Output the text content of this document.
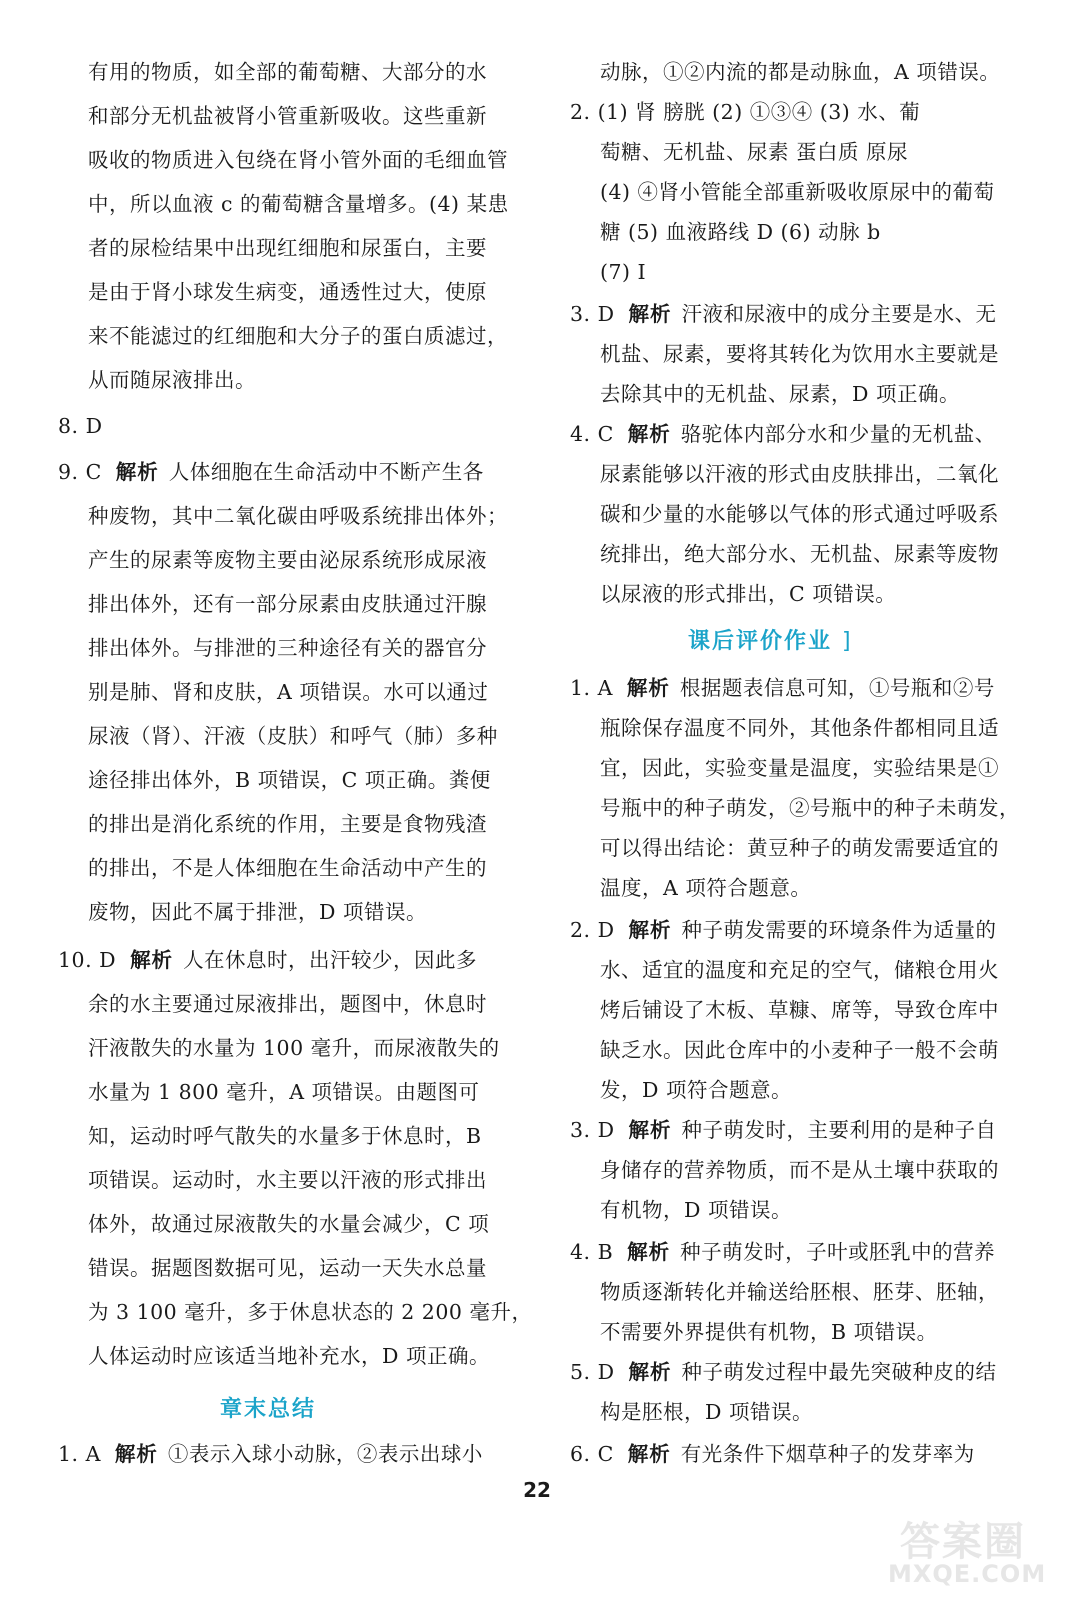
有用的物质，如全部的葡萄糖、大部分的水
和部分无机盐被肾小管重新吸收。这些重新
吸收的物质进入包绕在肾小管外面的毛细血管
中，所以血液 c 的葡萄糖含量增多。(4) 某患
者的尿检结果中出现红细胞和尿蛋白，主要
是由于肾小球发生病变，通透性过大，使原
来不能滤过的红细胞和大分子的蛋白质滤过，
从而随尿液排出。
8. D
9. C 解析 人体细胞在生命活动中不断产生各
种废物，其中二氧化碳由呼吸系统排出体外；
产生的尿素等废物主要由泌尿系统形成尿液
排出体外，还有一部分尿素由皮肤通过汗腺
排出体外。与排泄的三种途径有关的器官分
别是肺、肾和皮肤，A 项错误。水可以通过
尿液（肾）、汗液（皮肤）和呼气（肺）多种
途径排出体外，B 项错误，C 项正确。粪便
的排出是消化系统的作用，主要是食物残渣
的排出，不是人体细胞在生命活动中产生的
废物，因此不属于排泄，D 项错误。
10. D 解析 人在休息时，出汗较少，因此多
余的水主要通过尿液排出，题图中，休息时
汗液散失的水量为 100 毫升，而尿液散失的
水量为 1 800 毫升，A 项错误。由题图可
知，运动时呼气散失的水量多于休息时，B
项错误。运动时，水主要以汗液的形式排出
体外，故通过尿液散失的水量会减少，C 项
错误。据题图数据可见，运动一天失水总量
为 3 100 毫升，多于休息状态的 2 200 毫升，
人体运动时应该适当地补充水，D 项正确。
章末总结
1. A 解析 ①表示入球小动脉，②表示出球小
动脉，①②内流的都是动脉血，A 项错误。
2. (1) 肾 膀胱 (2) ①③④ (3) 水、葡
萄糖、无机盐、尿素 蛋白质 原尿
(4) ④肾小管能全部重新吸收原尿中的葡萄
糖 (5) 血液路线 D (6) 动脉 b
(7) Ⅰ
3. D 解析 汗液和尿液中的成分主要是水、无
机盐、尿素，要将其转化为饮用水主要就是
去除其中的无机盐、尿素，D 项正确。
4. C 解析 骆驼体内部分水和少量的无机盐、
尿素能够以汗液的形式由皮肤排出，二氧化
碳和少量的水能够以气体的形式通过呼吸系
统排出，绝大部分水、无机盐、尿素等废物
以尿液的形式排出，C 项错误。
课后评价作业 ]
1. A 解析 根据题表信息可知，①号瓶和②号
瓶除保存温度不同外，其他条件都相同且适
宜，因此，实验变量是温度，实验结果是①
号瓶中的种子萌发，②号瓶中的种子未萌发，
可以得出结论：黄豆种子的萌发需要适宜的
温度，A 项符合题意。
2. D 解析 种子萌发需要的环境条件为适量的
水、适宜的温度和充足的空气，储粮仓用火
烤后铺设了木板、草糠、席等，导致仓库中
缺乏水。因此仓库中的小麦种子一般不会萌
发，D 项符合题意。
3. D 解析 种子萌发时，主要利用的是种子自
身储存的营养物质，而不是从土壤中获取的
有机物，D 项错误。
4. B 解析 种子萌发时，子叶或胚乳中的营养
物质逐渐转化并输送给胚根、胚芽、胚轴，
不需要外界提供有机物，B 项错误。
5. D 解析 种子萌发过程中最先突破种皮的结
构是胚根，D 项错误。
6. C 解析 有光条件下烟草种子的发芽率为
22
答案圈
MXQE.COM
